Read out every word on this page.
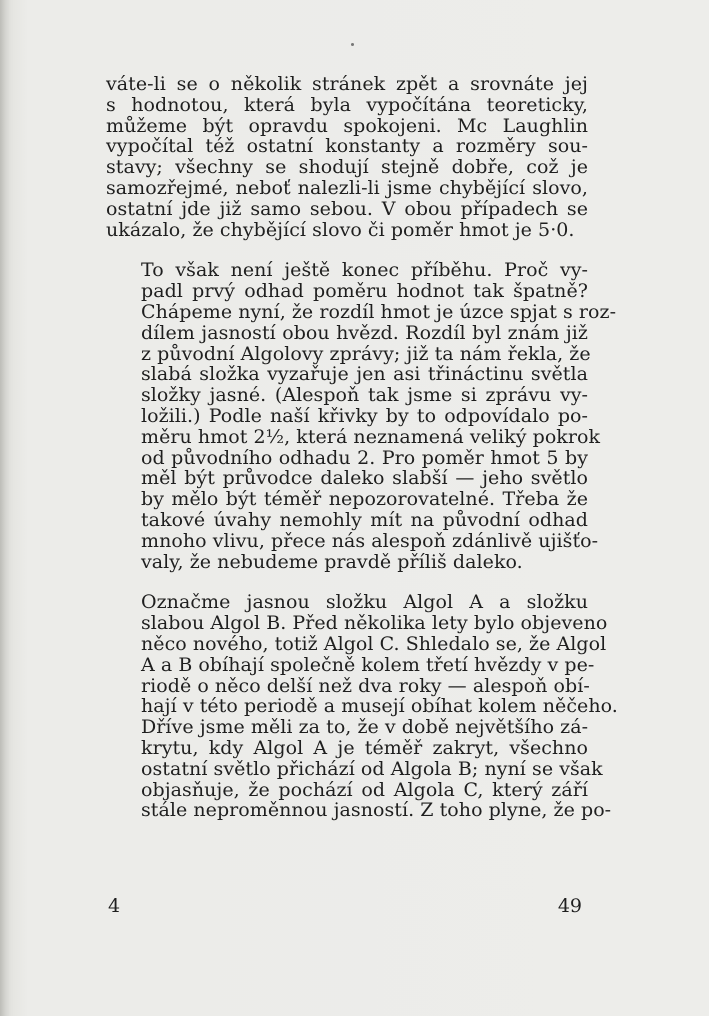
váte-li se o několik stránek zpět a srovnáte jej
s hodnotou, která byla vypočítána teoreticky,
můžeme být opravdu spokojeni. Mc Laughlin
vypočítal též ostatní konstanty a rozměry sou-
stavy; všechny se shodují stejně dobře, což je
samozřejmé, neboť nalezli-li jsme chybějící slovo,
ostatní jde již samo sebou. V obou případech se
ukázalo, že chybějící slovo či poměr hmot je 5·0.

To však není ještě konec příběhu. Proč vy-
padl prvý odhad poměru hodnot tak špatně?
Chápeme nyní, že rozdíl hmot je úzce spjat s roz-
dílem jasností obou hvězd. Rozdíl byl znám již
z původní Algolovy zprávy; již ta nám řekla, že
slabá složka vyzařuje jen asi třináctinu světla
složky jasné. (Alespoň tak jsme si zprávu vy-
ložili.) Podle naší křivky by to odpovídalo po-
měru hmot 2½, která neznamená veliký pokrok
od původního odhadu 2. Pro poměr hmot 5 by
měl být průvodce daleko slabší — jeho světlo
by mělo být téměř nepozorovatelné. Třeba že
takové úvahy nemohly mít na původní odhad
mnoho vlivu, přece nás alespoň zdánlivě ujišťo-
valy, že nebudeme pravdě příliš daleko.

Označme jasnou složku Algol A a složku
slabou Algol B. Před několika lety bylo objeveno
něco nového, totiž Algol C. Shledalo se, že Algol
A a B obíhají společně kolem třetí hvězdy v pe-
riodě o něco delší než dva roky — alespoň obí-
hají v této periodě a musejí obíhat kolem něčeho.
Dříve jsme měli za to, že v době největšího zá-
krytu, kdy Algol A je téměř zakryt, všechno
ostatní světlo přichází od Algola B; nyní se však
objasňuje, že pochází od Algola C, který září
stále neproměnnou jasností. Z toho plyne, že po-

4	49
